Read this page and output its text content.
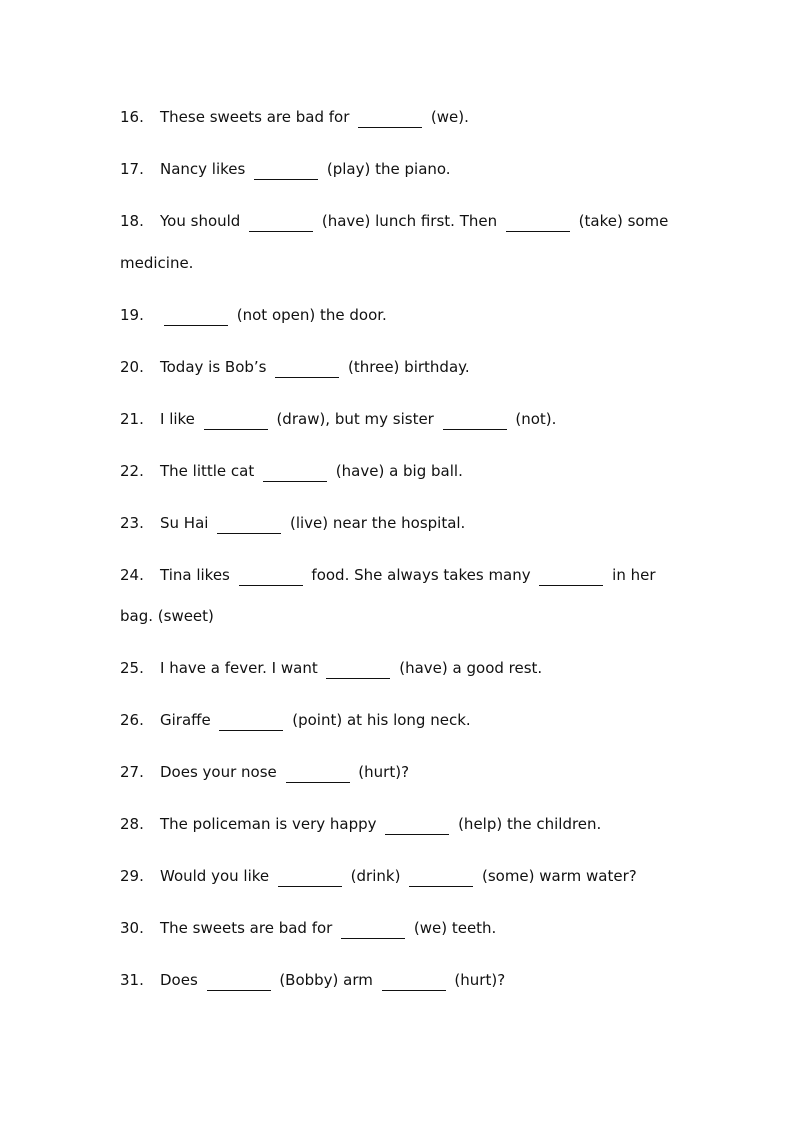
16. These sweets are bad for	(we).
17. Nancy likes	(play) the piano.
18. You should	(have) lunch first. Then	(take) some
medicine.
19.	(not open) the door.
20. Today is Bob’s	(three) birthday.
21. I like	(draw), but my sister	(not).
22. The little cat	(have) a big ball.
23. Su Hai	(live) near the hospital.
24. Tina likes	food. She always takes many	in her
bag. (sweet)
25. I have a fever. I want	(have) a good rest.
26. Giraffe	(point) at his long neck.
27. Does your nose	(hurt)?
28. The policeman is very happy	(help) the children.
29. Would you like	(drink)	(some) warm water?
30. The sweets are bad for	(we) teeth.
31. Does	(Bobby) arm	(hurt)?
